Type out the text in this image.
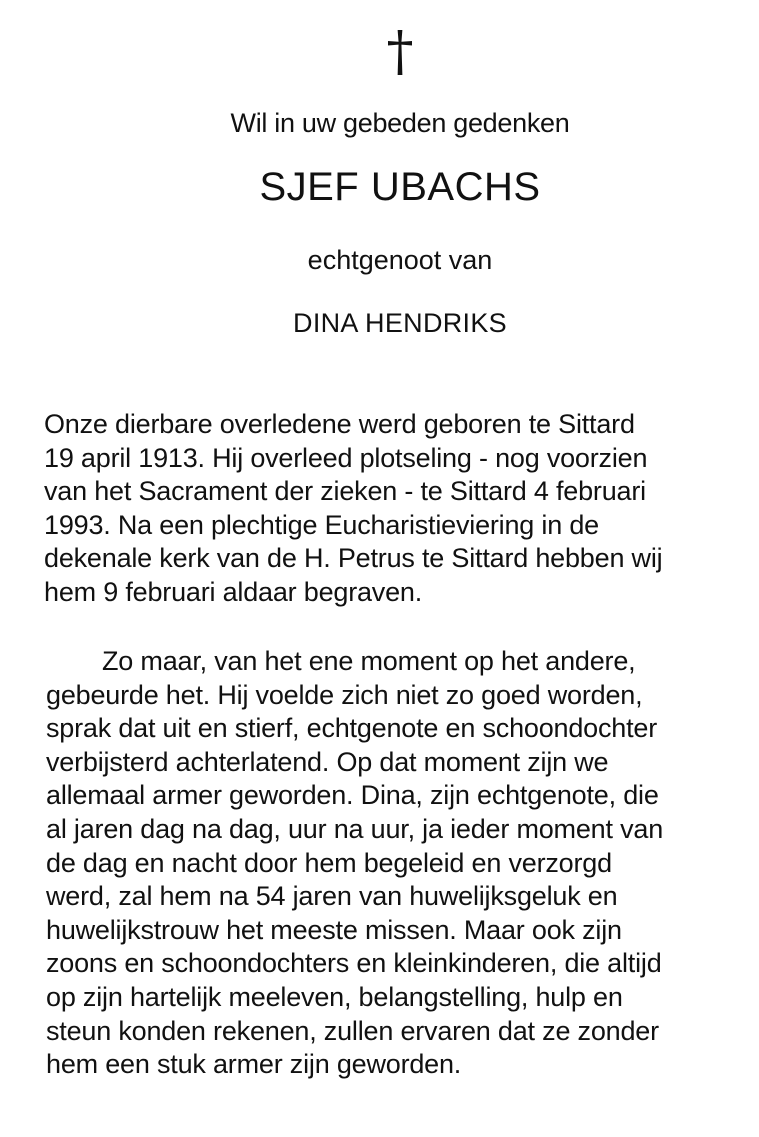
†
Wil in uw gebeden gedenken
SJEF UBACHS
echtgenoot van
DINA HENDRIKS
Onze dierbare overledene werd geboren te Sittard
19 april 1913. Hij overleed plotseling - nog voorzien
van het Sacrament der zieken - te Sittard 4 februari
1993. Na een plechtige Eucharistieviering in de
dekenale kerk van de H. Petrus te Sittard hebben wij
hem 9 februari aldaar begraven.
Zo maar, van het ene moment op het andere,
gebeurde het. Hij voelde zich niet zo goed worden,
sprak dat uit en stierf, echtgenote en schoondochter
verbijsterd achterlatend. Op dat moment zijn we
allemaal armer geworden. Dina, zijn echtgenote, die
al jaren dag na dag, uur na uur, ja ieder moment van
de dag en nacht door hem begeleid en verzorgd
werd, zal hem na 54 jaren van huwelijksgeluk en
huwelijkstrouw het meeste missen. Maar ook zijn
zoons en schoondochters en kleinkinderen, die altijd
op zijn hartelijk meeleven, belangstelling, hulp en
steun konden rekenen, zullen ervaren dat ze zonder
hem een stuk armer zijn geworden.
